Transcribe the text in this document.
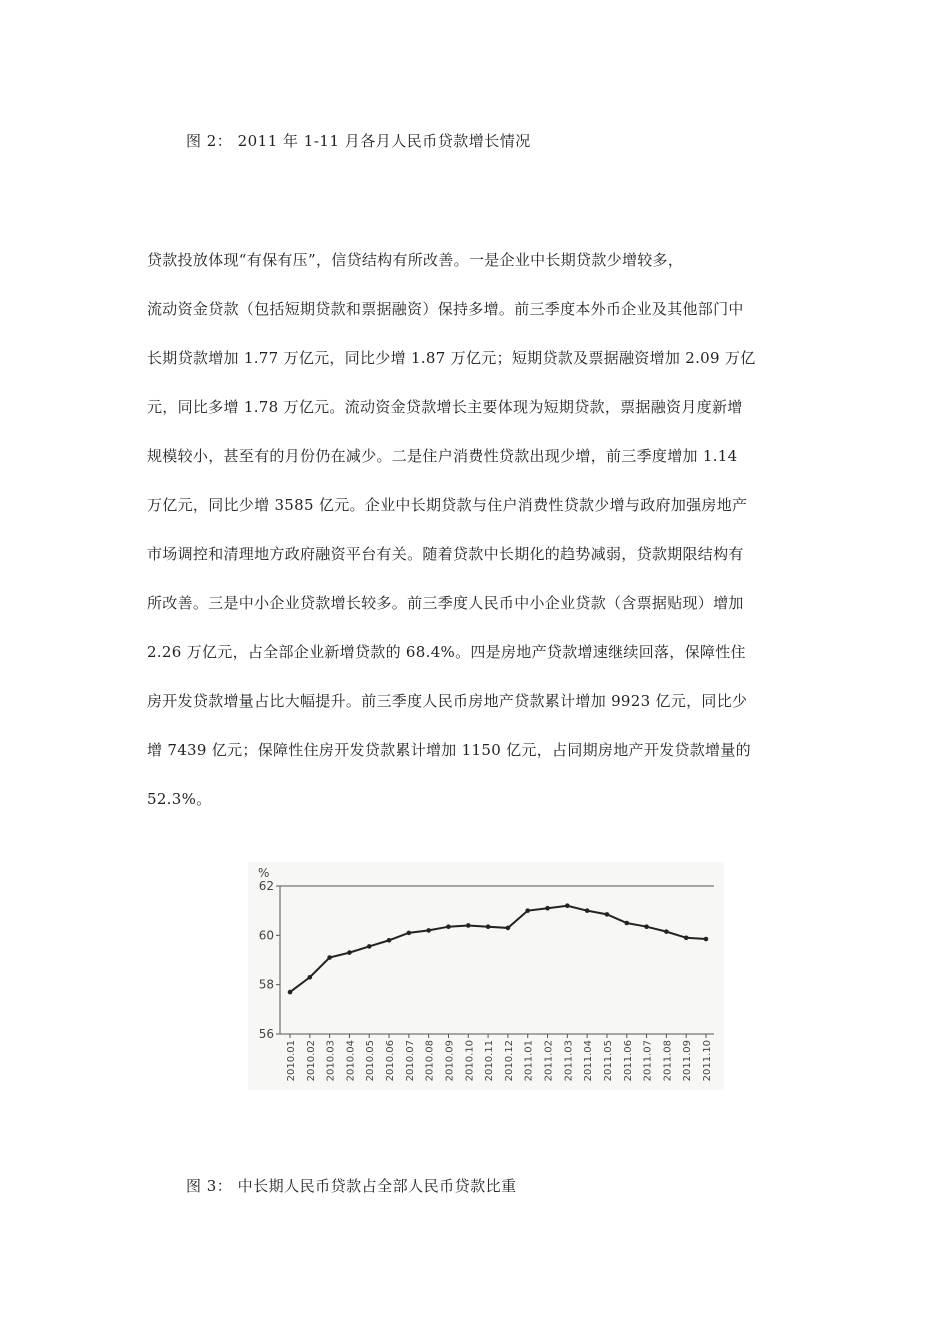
图 2： 2011 年 1-11 月各月人民币贷款增长情况
贷款投放体现“有保有压”，信贷结构有所改善。一是企业中长期贷款少增较多，
流动资金贷款（包括短期贷款和票据融资）保持多增。前三季度本外币企业及其他部门中
长期贷款增加 1.77 万亿元，同比少增 1.87 万亿元；短期贷款及票据融资增加 2.09 万亿
元，同比多增 1.78 万亿元。流动资金贷款增长主要体现为短期贷款，票据融资月度新增
规模较小，甚至有的月份仍在减少。二是住户消费性贷款出现少增，前三季度增加 1.14
万亿元，同比少增 3585 亿元。企业中长期贷款与住户消费性贷款少增与政府加强房地产
市场调控和清理地方政府融资平台有关。随着贷款中长期化的趋势减弱，贷款期限结构有
所改善。三是中小企业贷款增长较多。前三季度人民币中小企业贷款（含票据贴现）增加
2.26 万亿元，占全部企业新增贷款的 68.4%。四是房地产贷款增速继续回落，保障性住
房开发贷款增量占比大幅提升。前三季度人民币房地产贷款累计增加 9923 亿元，同比少
增 7439 亿元；保障性住房开发贷款累计增加 1150 亿元，占同期房地产开发贷款增量的
52.3%。
%
62
60
58
56
2010.01 2010.02 2010.03 2010.04 2010.05 2010.06 2010.07 2010.08 2010.09 2010.10 2010.11 2010.12 2011.01 2011.02 2011.03 2011.04 2011.05 2011.06 2011.07 2011.08 2011.09 2011.10
图 3： 中长期人民币贷款占全部人民币贷款比重
